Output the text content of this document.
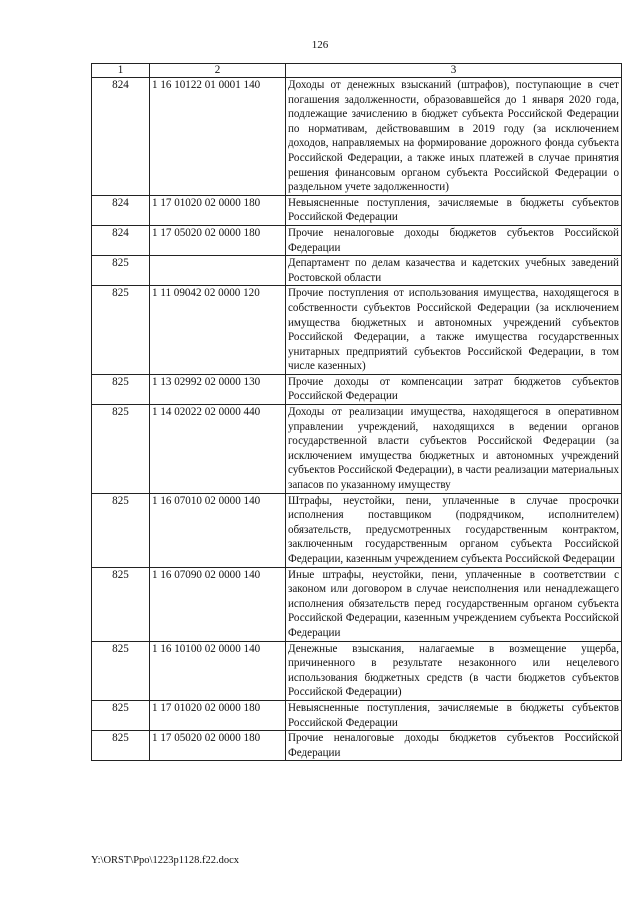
126
1	2	3
824	1 16 10122 01 0001 140	Доходы от денежных взысканий (штрафов), поступающие в счет погашения задолженности, образовавшейся до 1 января 2020 года, подлежащие зачислению в бюджет субъекта Российской Федерации по нормативам, действовавшим в 2019 году (за исключением доходов, направляемых на формирование дорожного фонда субъекта Российской Федерации, а также иных платежей в случае принятия решения финансовым органом субъекта Российской Федерации о раздельном учете задолженности)
824	1 17 01020 02 0000 180	Невыясненные поступления, зачисляемые в бюджеты субъектов Российской Федерации
824	1 17 05020 02 0000 180	Прочие неналоговые доходы бюджетов субъектов Российской Федерации
825		Департамент по делам казачества и кадетских учебных заведений Ростовской области
825	1 11 09042 02 0000 120	Прочие поступления от использования имущества, находящегося в собственности субъектов Российской Федерации (за исключением имущества бюджетных и автономных учреждений субъектов Российской Федерации, а также имущества государственных унитарных предприятий субъектов Российской Федерации, в том числе казенных)
825	1 13 02992 02 0000 130	Прочие доходы от компенсации затрат бюджетов субъектов Российской Федерации
825	1 14 02022 02 0000 440	Доходы от реализации имущества, находящегося в оперативном управлении учреждений, находящихся в ведении органов государственной власти субъектов Российской Федерации (за исключением имущества бюджетных и автономных учреждений субъектов Российской Федерации), в части реализации материальных запасов по указанному имуществу
825	1 16 07010 02 0000 140	Штрафы, неустойки, пени, уплаченные в случае просрочки исполнения поставщиком (подрядчиком, исполнителем) обязательств, предусмотренных государственным контрактом, заключенным государственным органом субъекта Российской Федерации, казенным учреждением субъекта Российской Федерации
825	1 16 07090 02 0000 140	Иные штрафы, неустойки, пени, уплаченные в соответствии с законом или договором в случае неисполнения или ненадлежащего исполнения обязательств перед государственным органом субъекта Российской Федерации, казенным учреждением субъекта Российской Федерации
825	1 16 10100 02 0000 140	Денежные взыскания, налагаемые в возмещение ущерба, причиненного в результате незаконного или нецелевого использования бюджетных средств (в части бюджетов субъектов Российской Федерации)
825	1 17 01020 02 0000 180	Невыясненные поступления, зачисляемые в бюджеты субъектов Российской Федерации
825	1 17 05020 02 0000 180	Прочие неналоговые доходы бюджетов субъектов Российской Федерации
Y:\ORST\Ppo\1223p1128.f22.docx
